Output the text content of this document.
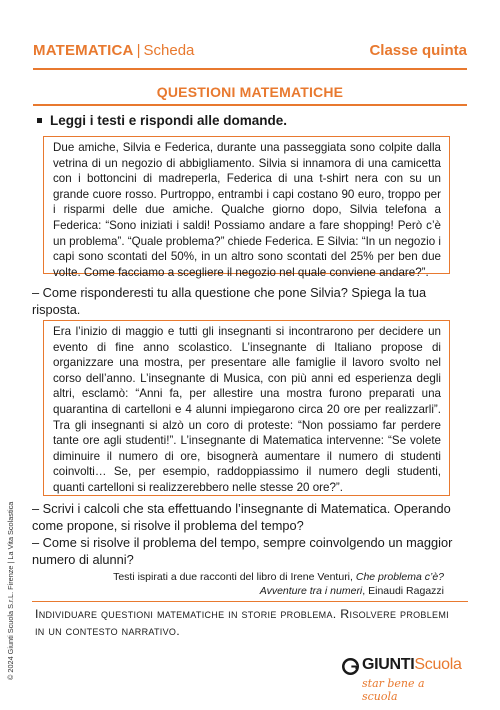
MATEMATICA | Scheda	Classe quinta
QUESTIONI MATEMATICHE
Leggi i testi e rispondi alle domande.
Due amiche, Silvia e Federica, durante una passeggiata sono colpite dalla vetrina di un negozio di abbigliamento. Silvia si innamora di una camicetta con i bottoncini di madreperla, Federica di una t-shirt nera con su un grande cuore rosso. Purtroppo, entrambi i capi costano 90 euro, troppo per i risparmi delle due amiche. Qualche giorno dopo, Silvia telefona a Federica: “Sono iniziati i saldi! Possiamo andare a fare shopping! Però c’è un problema”. “Quale problema?” chiede Federica. E Silvia: “In un negozio i capi sono scontati del 50%, in un altro sono scontati del 25% per ben due volte. Come facciamo a scegliere il negozio nel quale conviene andare?”.
– Come risponderesti tu alla questione che pone Silvia? Spiega la tua risposta.
Era l’inizio di maggio e tutti gli insegnanti si incontrarono per decidere un evento di fine anno scolastico. L’insegnante di Italiano propose di organizzare una mostra, per presentare alle famiglie il lavoro svolto nel corso dell’anno. L’insegnante di Musica, con più anni ed esperienza degli altri, esclamò: “Anni fa, per allestire una mostra furono preparati una quarantina di cartelloni e 4 alunni impiegarono circa 20 ore per realizzarli”. Tra gli insegnanti si alzò un coro di proteste: “Non possiamo far perdere tante ore agli studenti!”. L’insegnante di Matematica intervenne: “Se volete diminuire il numero di ore, bisognerà aumentare il numero di studenti coinvolti… Se, per esempio, raddoppiassimo il numero degli studenti, quanti cartelloni si realizzerebbero nelle stesse 20 ore?”.
– Scrivi i calcoli che sta effettuando l’insegnante di Matematica. Operando come propone, si risolve il problema del tempo?
– Come si risolve il problema del tempo, sempre coinvolgendo un maggior numero di alunni?
Testi ispirati a due racconti del libro di Irene Venturi, Che problema c’è? Avventure tra i numeri, Einaudi Ragazzi
Individuare questioni matematiche in storie problema. Risolvere problemi in un contesto narrativo.
© 2024 Giunti Scuola S.r.L. Firenze | La Vita Scolastica	GIUNTIScuola
star bene a scuola
